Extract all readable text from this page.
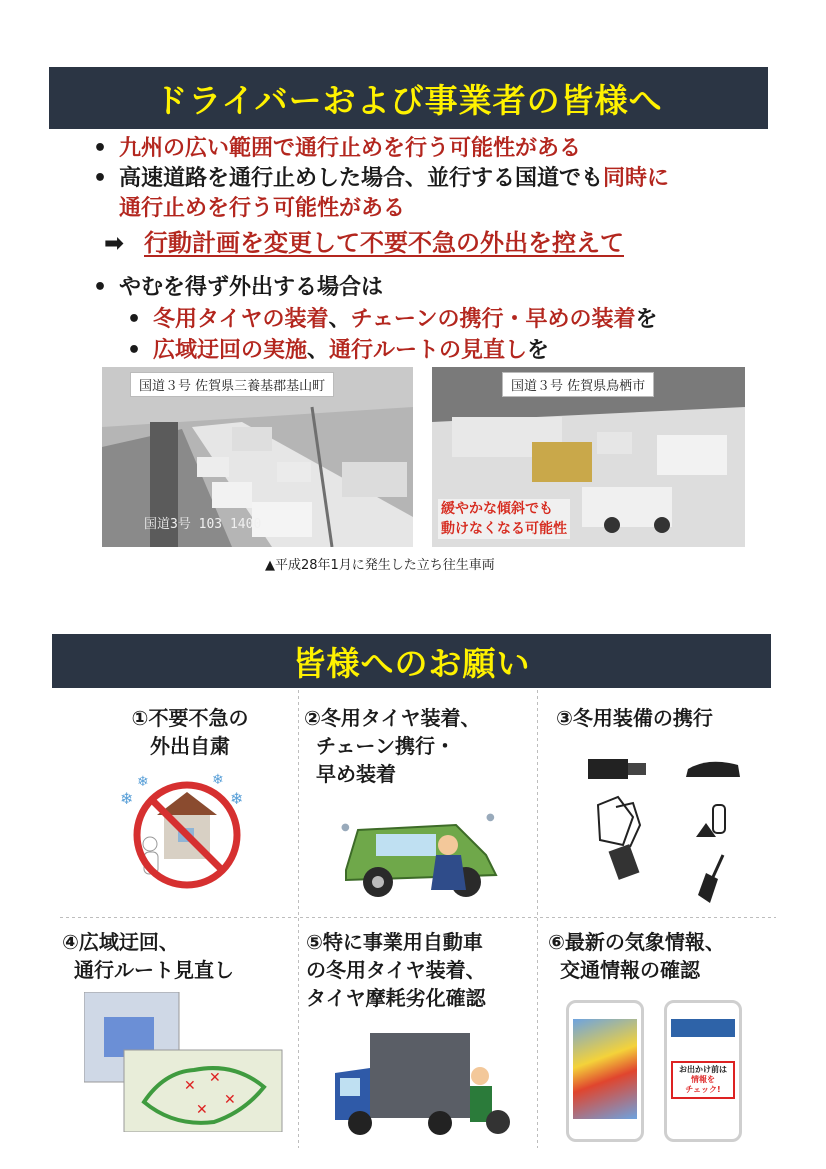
ドライバーおよび事業者の皆様へ
• 九州の広い範囲で通行止めを行う可能性がある
• 高速道路を通行止めした場合、並行する国道でも同時に
通行止めを行う可能性がある
➡ 行動計画を変更して不要不急の外出を控えて
• やむを得ず外出する場合は
• 冬用タイヤの装着、チェーンの携行・早めの装着を
• 広域迂回の実施、通行ルートの見直しを
国道３号 佐賀県三養基郡基山町
国道3号 103 1400
国道３号 佐賀県鳥栖市
緩やかな傾斜でも
動けなくなる可能性
▲平成28年1月に発生した立ち往生車両
皆様へのお願い
①不要不急の
外出自粛
❄
❄	❄
❄
②冬用タイヤ装着、
チェーン携行・
早め装着
●
●
③冬用装備の携行
④広域迂回、
通行ルート見直し
✕ ✕
✕
✕
⑤特に事業用自動車
の冬用タイヤ装着、
タイヤ摩耗劣化確認
⑥最新の気象情報、
交通情報の確認
お出かけ前は
情報を
チェック!
